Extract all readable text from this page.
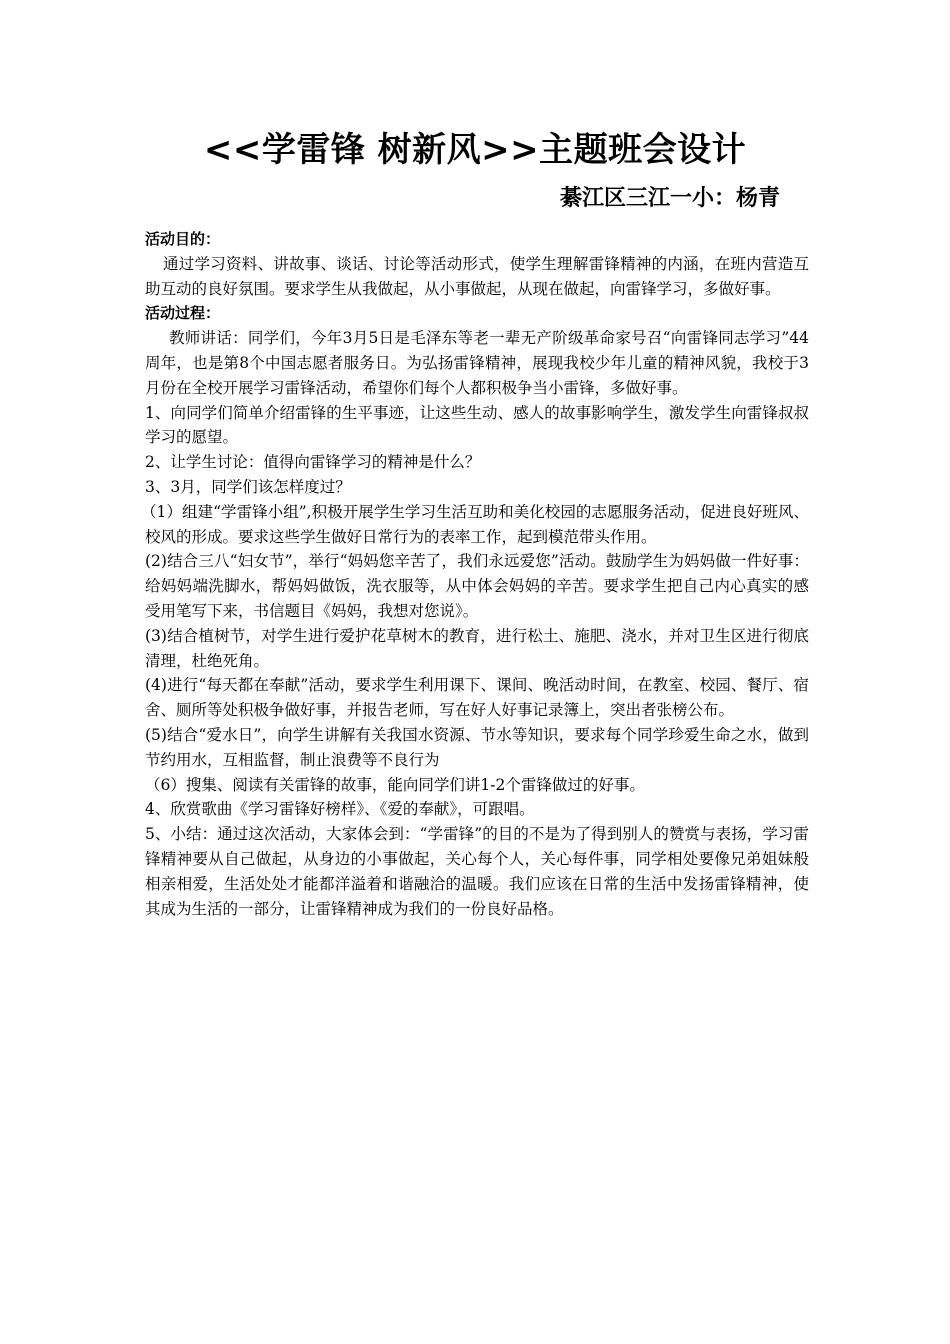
<<学雷锋 树新风>>主题班会设计
綦江区三江一小：杨青
活动目的：

通过学习资料、讲故事、谈话、讨论等活动形式，使学生理解雷锋精神的内涵，在班内营造互助互动的良好氛围。要求学生从我做起，从小事做起，从现在做起，向雷锋学习，多做好事。

活动过程：

教师讲话：同学们，今年3月5日是毛泽东等老一辈无产阶级革命家号召“向雷锋同志学习”44周年，也是第8个中国志愿者服务日。为弘扬雷锋精神，展现我校少年儿童的精神风貌，我校于3月份在全校开展学习雷锋活动，希望你们每个人都积极争当小雷锋，多做好事。

1、向同学们简单介绍雷锋的生平事迹，让这些生动、感人的故事影响学生，激发学生向雷锋叔叔学习的愿望。

2、让学生讨论：值得向雷锋学习的精神是什么？

3、3月，同学们该怎样度过？

（1）组建“学雷锋小组”,积极开展学生学习生活互助和美化校园的志愿服务活动，促进良好班风、校风的形成。要求这些学生做好日常行为的表率工作，起到模范带头作用。

(2)结合三八“妇女节”，举行“妈妈您辛苦了，我们永远爱您”活动。鼓励学生为妈妈做一件好事：给妈妈端洗脚水，帮妈妈做饭，洗衣服等，从中体会妈妈的辛苦。要求学生把自己内心真实的感受用笔写下来，书信题目《妈妈，我想对您说》。

(3)结合植树节，对学生进行爱护花草树木的教育，进行松土、施肥、浇水，并对卫生区进行彻底清理，杜绝死角。

(4)进行“每天都在奉献”活动，要求学生利用课下、课间、晚活动时间，在教室、校园、餐厅、宿舍、厕所等处积极争做好事，并报告老师，写在好人好事记录簿上，突出者张榜公布。

(5)结合“爱水日”，向学生讲解有关我国水资源、节水等知识，要求每个同学珍爱生命之水，做到节约用水，互相监督，制止浪费等不良行为

（6）搜集、阅读有关雷锋的故事，能向同学们讲1-2个雷锋做过的好事。

4、欣赏歌曲《学习雷锋好榜样》、《爱的奉献》，可跟唱。

5、小结：通过这次活动，大家体会到：“学雷锋”的目的不是为了得到别人的赞赏与表扬，学习雷锋精神要从自己做起，从身边的小事做起，关心每个人，关心每件事，同学相处要像兄弟姐妹般相亲相爱，生活处处才能都洋溢着和谐融洽的温暖。我们应该在日常的生活中发扬雷锋精神，使其成为生活的一部分，让雷锋精神成为我们的一份良好品格。
